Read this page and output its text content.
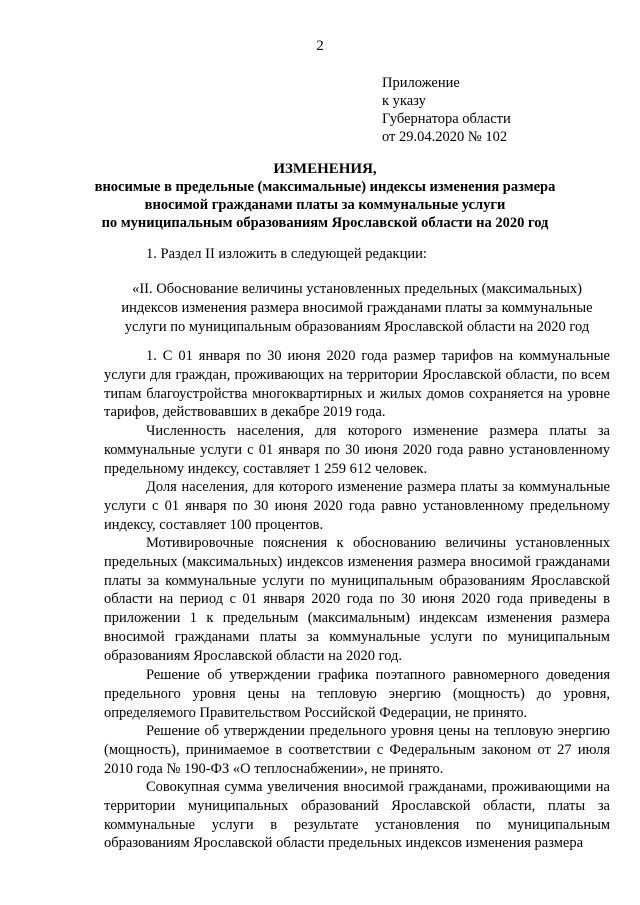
2
Приложение
к указу
Губернатора области
от 29.04.2020 № 102
ИЗМЕНЕНИЯ,
вносимые в предельные (максимальные) индексы изменения размера
вносимой гражданами платы за коммунальные услуги
по муниципальным образованиям Ярославской области на 2020 год
1. Раздел II изложить в следующей редакции:
«II. Обоснование величины установленных предельных (максимальных)
индексов изменения размера вносимой гражданами платы за коммунальные
услуги по муниципальным образованиям Ярославской области на 2020 год
1. С 01 января по 30 июня 2020 года размер тарифов на коммунальные услуги для граждан, проживающих на территории Ярославской области, по всем типам благоустройства многоквартирных и жилых домов сохраняется на уровне тарифов, действовавших в декабре 2019 года.
Численность населения, для которого изменение размера платы за коммунальные услуги с 01 января по 30 июня 2020 года равно установленному предельному индексу, составляет 1 259 612 человек.
Доля населения, для которого изменение размера платы за коммунальные услуги с 01 января по 30 июня 2020 года равно установленному предельному индексу, составляет 100 процентов.
Мотивировочные пояснения к обоснованию величины установленных предельных (максимальных) индексов изменения размера вносимой гражданами платы за коммунальные услуги по муниципальным образованиям Ярославской области на период с 01 января 2020 года по 30 июня 2020 года приведены в приложении 1 к предельным (максимальным) индексам изменения размера вносимой гражданами платы за коммунальные услуги по муниципальным образованиям Ярославской области на 2020 год.
Решение об утверждении графика поэтапного равномерного доведения предельного уровня цены на тепловую энергию (мощность) до уровня, определяемого Правительством Российской Федерации, не принято.
Решение об утверждении предельного уровня цены на тепловую энергию (мощность), принимаемое в соответствии с Федеральным законом от 27 июля 2010 года № 190-ФЗ «О теплоснабжении», не принято.
Совокупная сумма увеличения вносимой гражданами, проживающими на территории муниципальных образований Ярославской области, платы за коммунальные услуги в результате установления по муниципальным образованиям Ярославской области предельных индексов изменения размера
